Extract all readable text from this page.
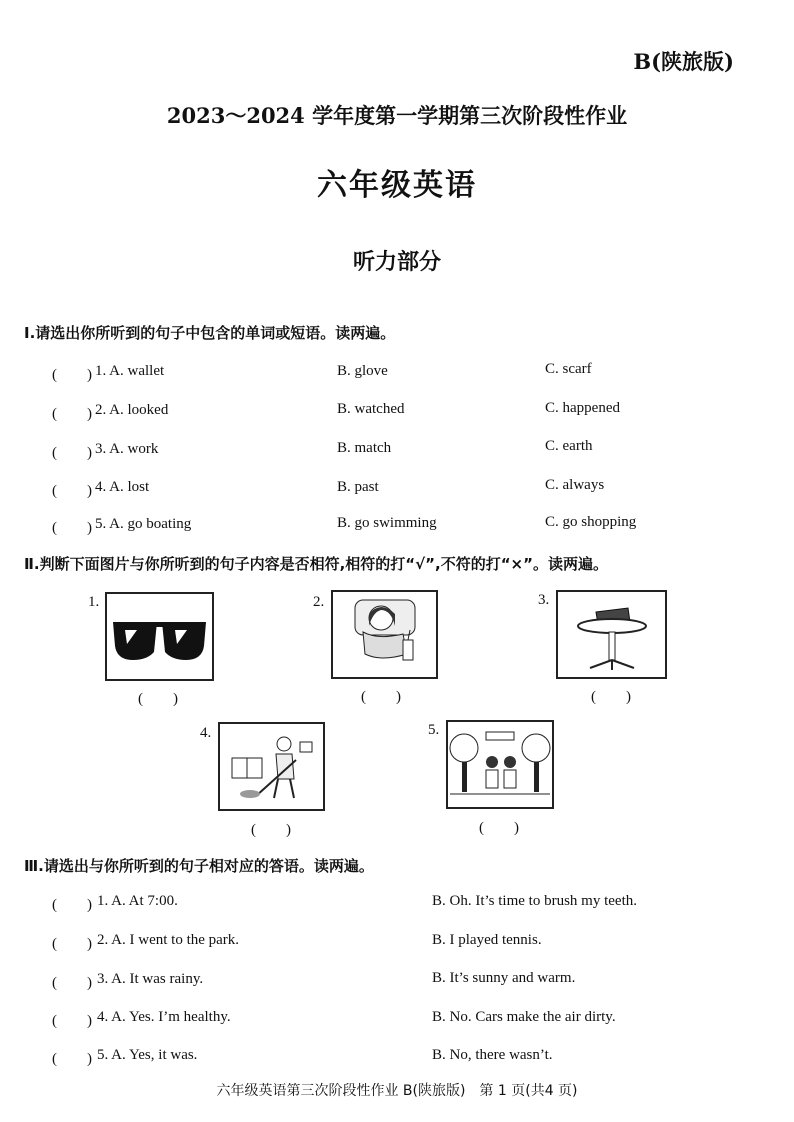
B(陕旅版)
2023～2024 学年度第一学期第三次阶段性作业
六年级英语
听力部分
Ⅰ.请选出你所听到的句子中包含的单词或短语。读两遍。
(　　) 1. A. wallet	B. glove	C. scarf
(　　) 2. A. looked	B. watched	C. happened
(　　) 3. A. work	B. match	C. earth
(　　) 4. A. lost	B. past	C. always
(　　) 5. A. go boating	B. go swimming	C. go shopping
Ⅱ.判断下面图片与你所听到的句子内容是否相符,相符的打“√”,不符的打“×”。读两遍。
1.
(　　)
2.
(　　)
3.
(　　)
4.
(　　)
5.
(　　)
Ⅲ.请选出与你所听到的句子相对应的答语。读两遍。
(　　) 1. A. At 7:00.	B. Oh. It’s time to brush my teeth.
(　　) 2. A. I went to the park.	B. I played tennis.
(　　) 3. A. It was rainy.	B. It’s sunny and warm.
(　　) 4. A. Yes. I’m healthy.	B. No. Cars make the air dirty.
(　　) 5. A. Yes, it was.	B. No, there wasn’t.
六年级英语第三次阶段性作业 B(陕旅版)　第 1 页(共4 页)
